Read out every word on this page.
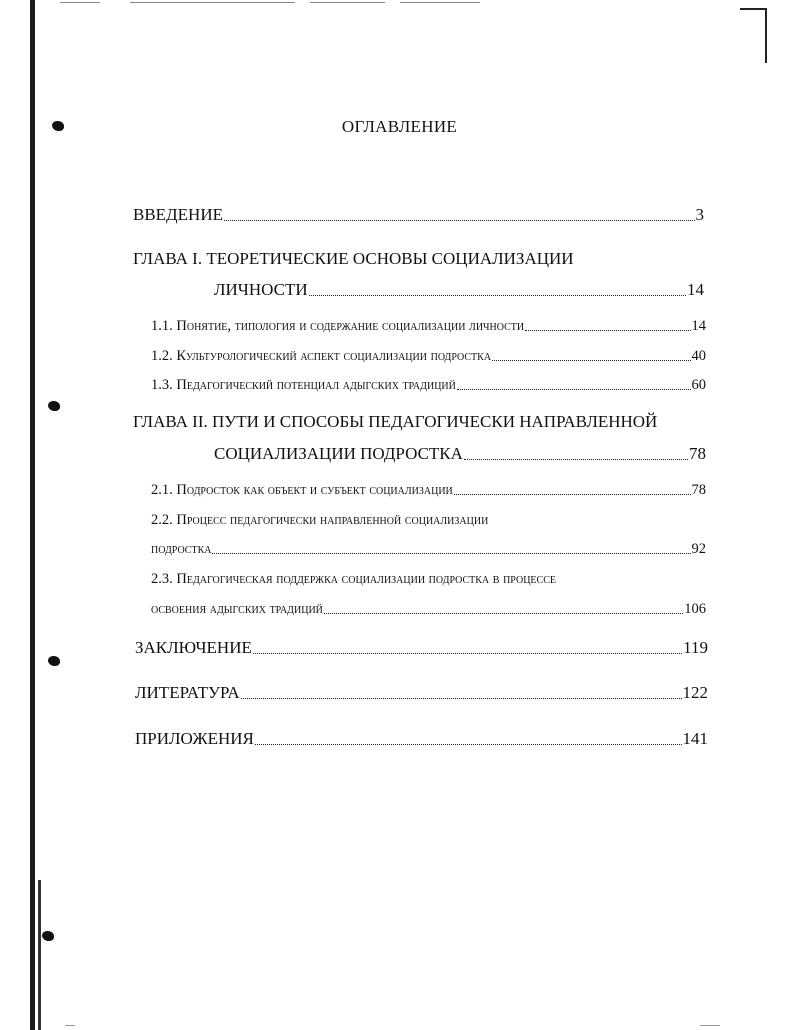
ОГЛАВЛЕНИЕ
ВВЕДЕНИЕ	3
ГЛАВА I. ТЕОРЕТИЧЕСКИЕ ОСНОВЫ СОЦИАЛИЗАЦИИ
ЛИЧНОСТИ	14
1.1. Понятие, типология и содержание социализации личности	14
1.2. Культурологический аспект социализации подростка	40
1.3. Педагогический потенциал адыгских традиций	60
ГЛАВА II. ПУТИ И СПОСОБЫ ПЕДАГОГИЧЕСКИ НАПРАВЛЕННОЙ
СОЦИАЛИЗАЦИИ ПОДРОСТКА	78
2.1. Подросток как объект и субъект социализации	78
2.2. Процесс педагогически направленной социализации
подростка	92
2.3. Педагогическая поддержка социализации подростка в процессе
освоения адыгских традиций	106
ЗАКЛЮЧЕНИЕ	119
ЛИТЕРАТУРА	122
ПРИЛОЖЕНИЯ	141
